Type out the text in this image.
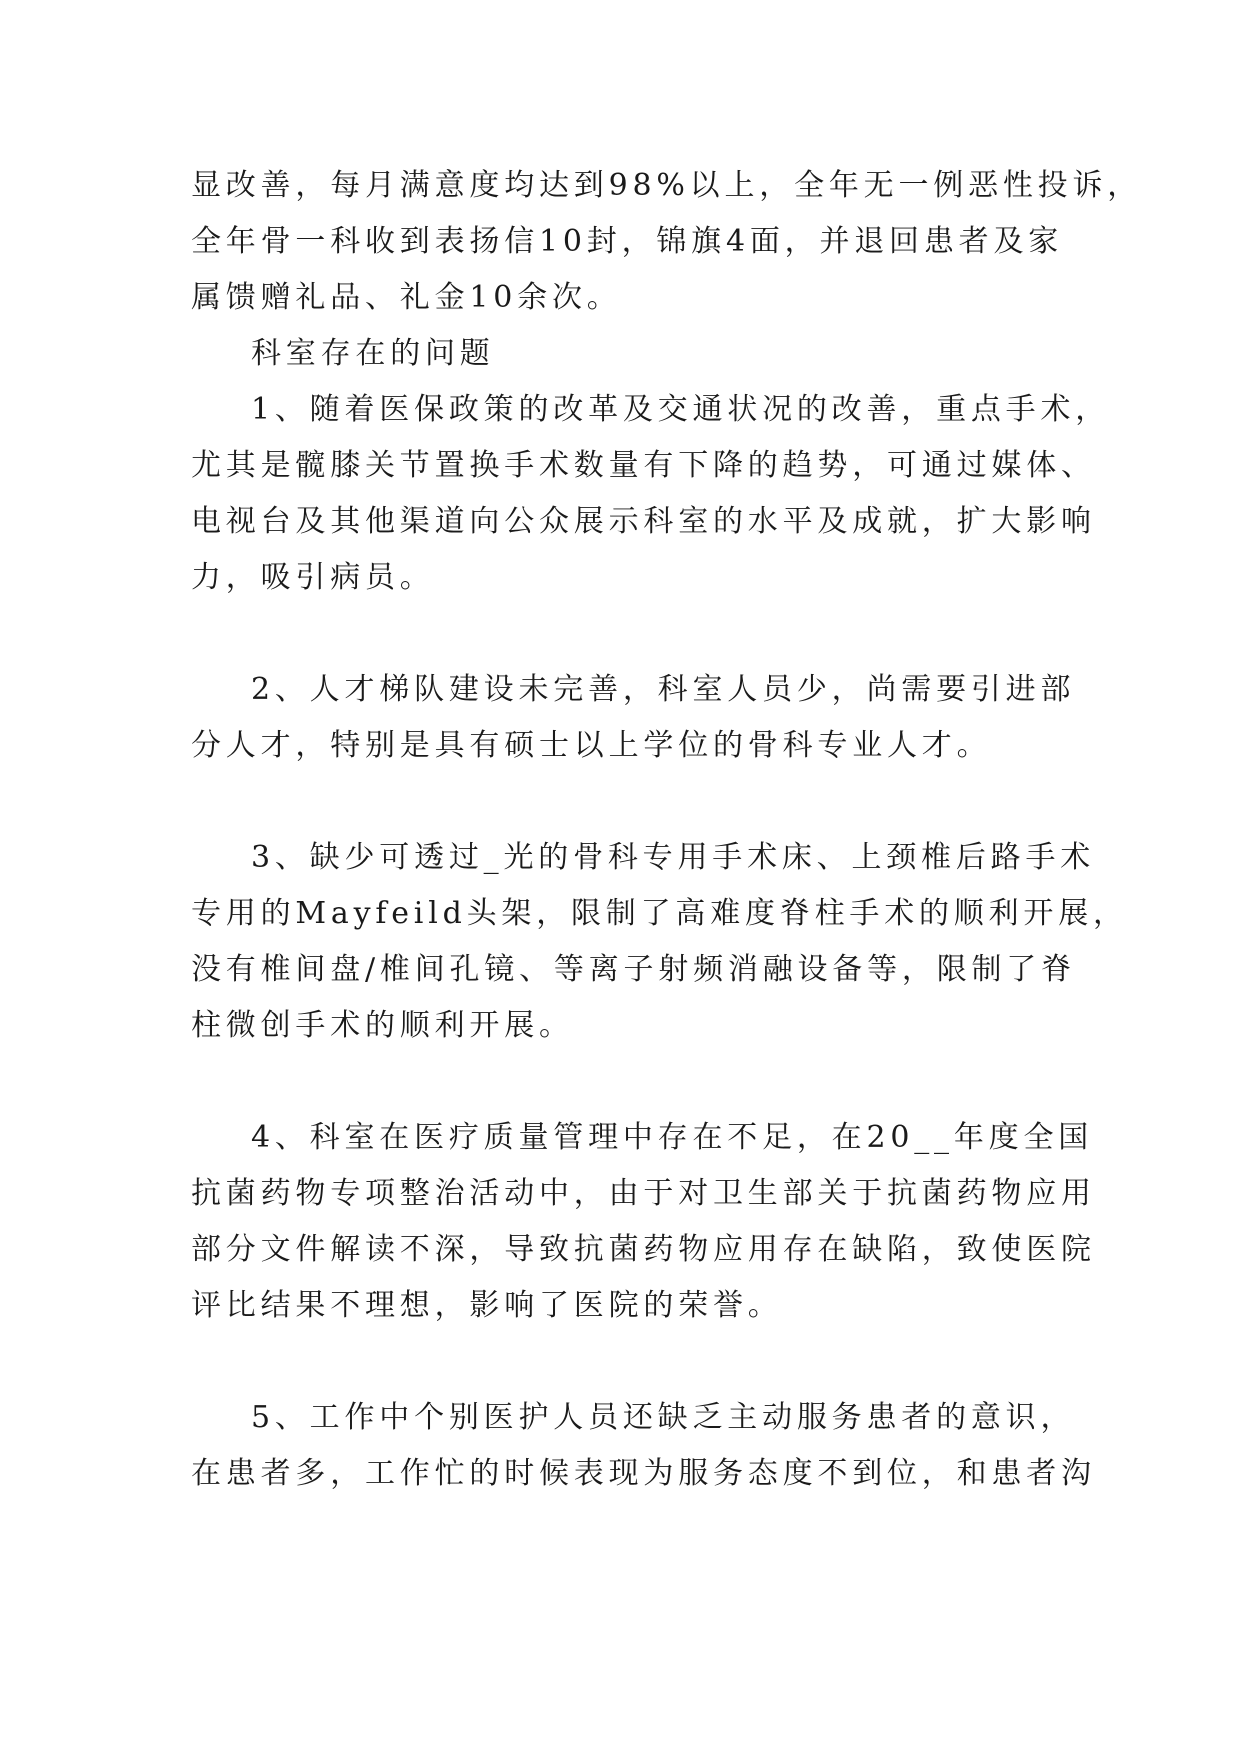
显改善，每月满意度均达到98%以上，全年无一例恶性投诉，
全年骨一科收到表扬信10封，锦旗4面，并退回患者及家
属馈赠礼品、礼金10余次。
科室存在的问题
1、随着医保政策的改革及交通状况的改善，重点手术，
尤其是髋膝关节置换手术数量有下降的趋势，可通过媒体、
电视台及其他渠道向公众展示科室的水平及成就，扩大影响
力，吸引病员。
2、人才梯队建设未完善，科室人员少，尚需要引进部
分人才，特别是具有硕士以上学位的骨科专业人才。
3、缺少可透过_光的骨科专用手术床、上颈椎后路手术
专用的Mayfeild头架，限制了高难度脊柱手术的顺利开展，
没有椎间盘/椎间孔镜、等离子射频消融设备等，限制了脊
柱微创手术的顺利开展。
4、科室在医疗质量管理中存在不足，在20__年度全国
抗菌药物专项整治活动中，由于对卫生部关于抗菌药物应用
部分文件解读不深，导致抗菌药物应用存在缺陷，致使医院
评比结果不理想，影响了医院的荣誉。
5、工作中个别医护人员还缺乏主动服务患者的意识，
在患者多，工作忙的时候表现为服务态度不到位，和患者沟
